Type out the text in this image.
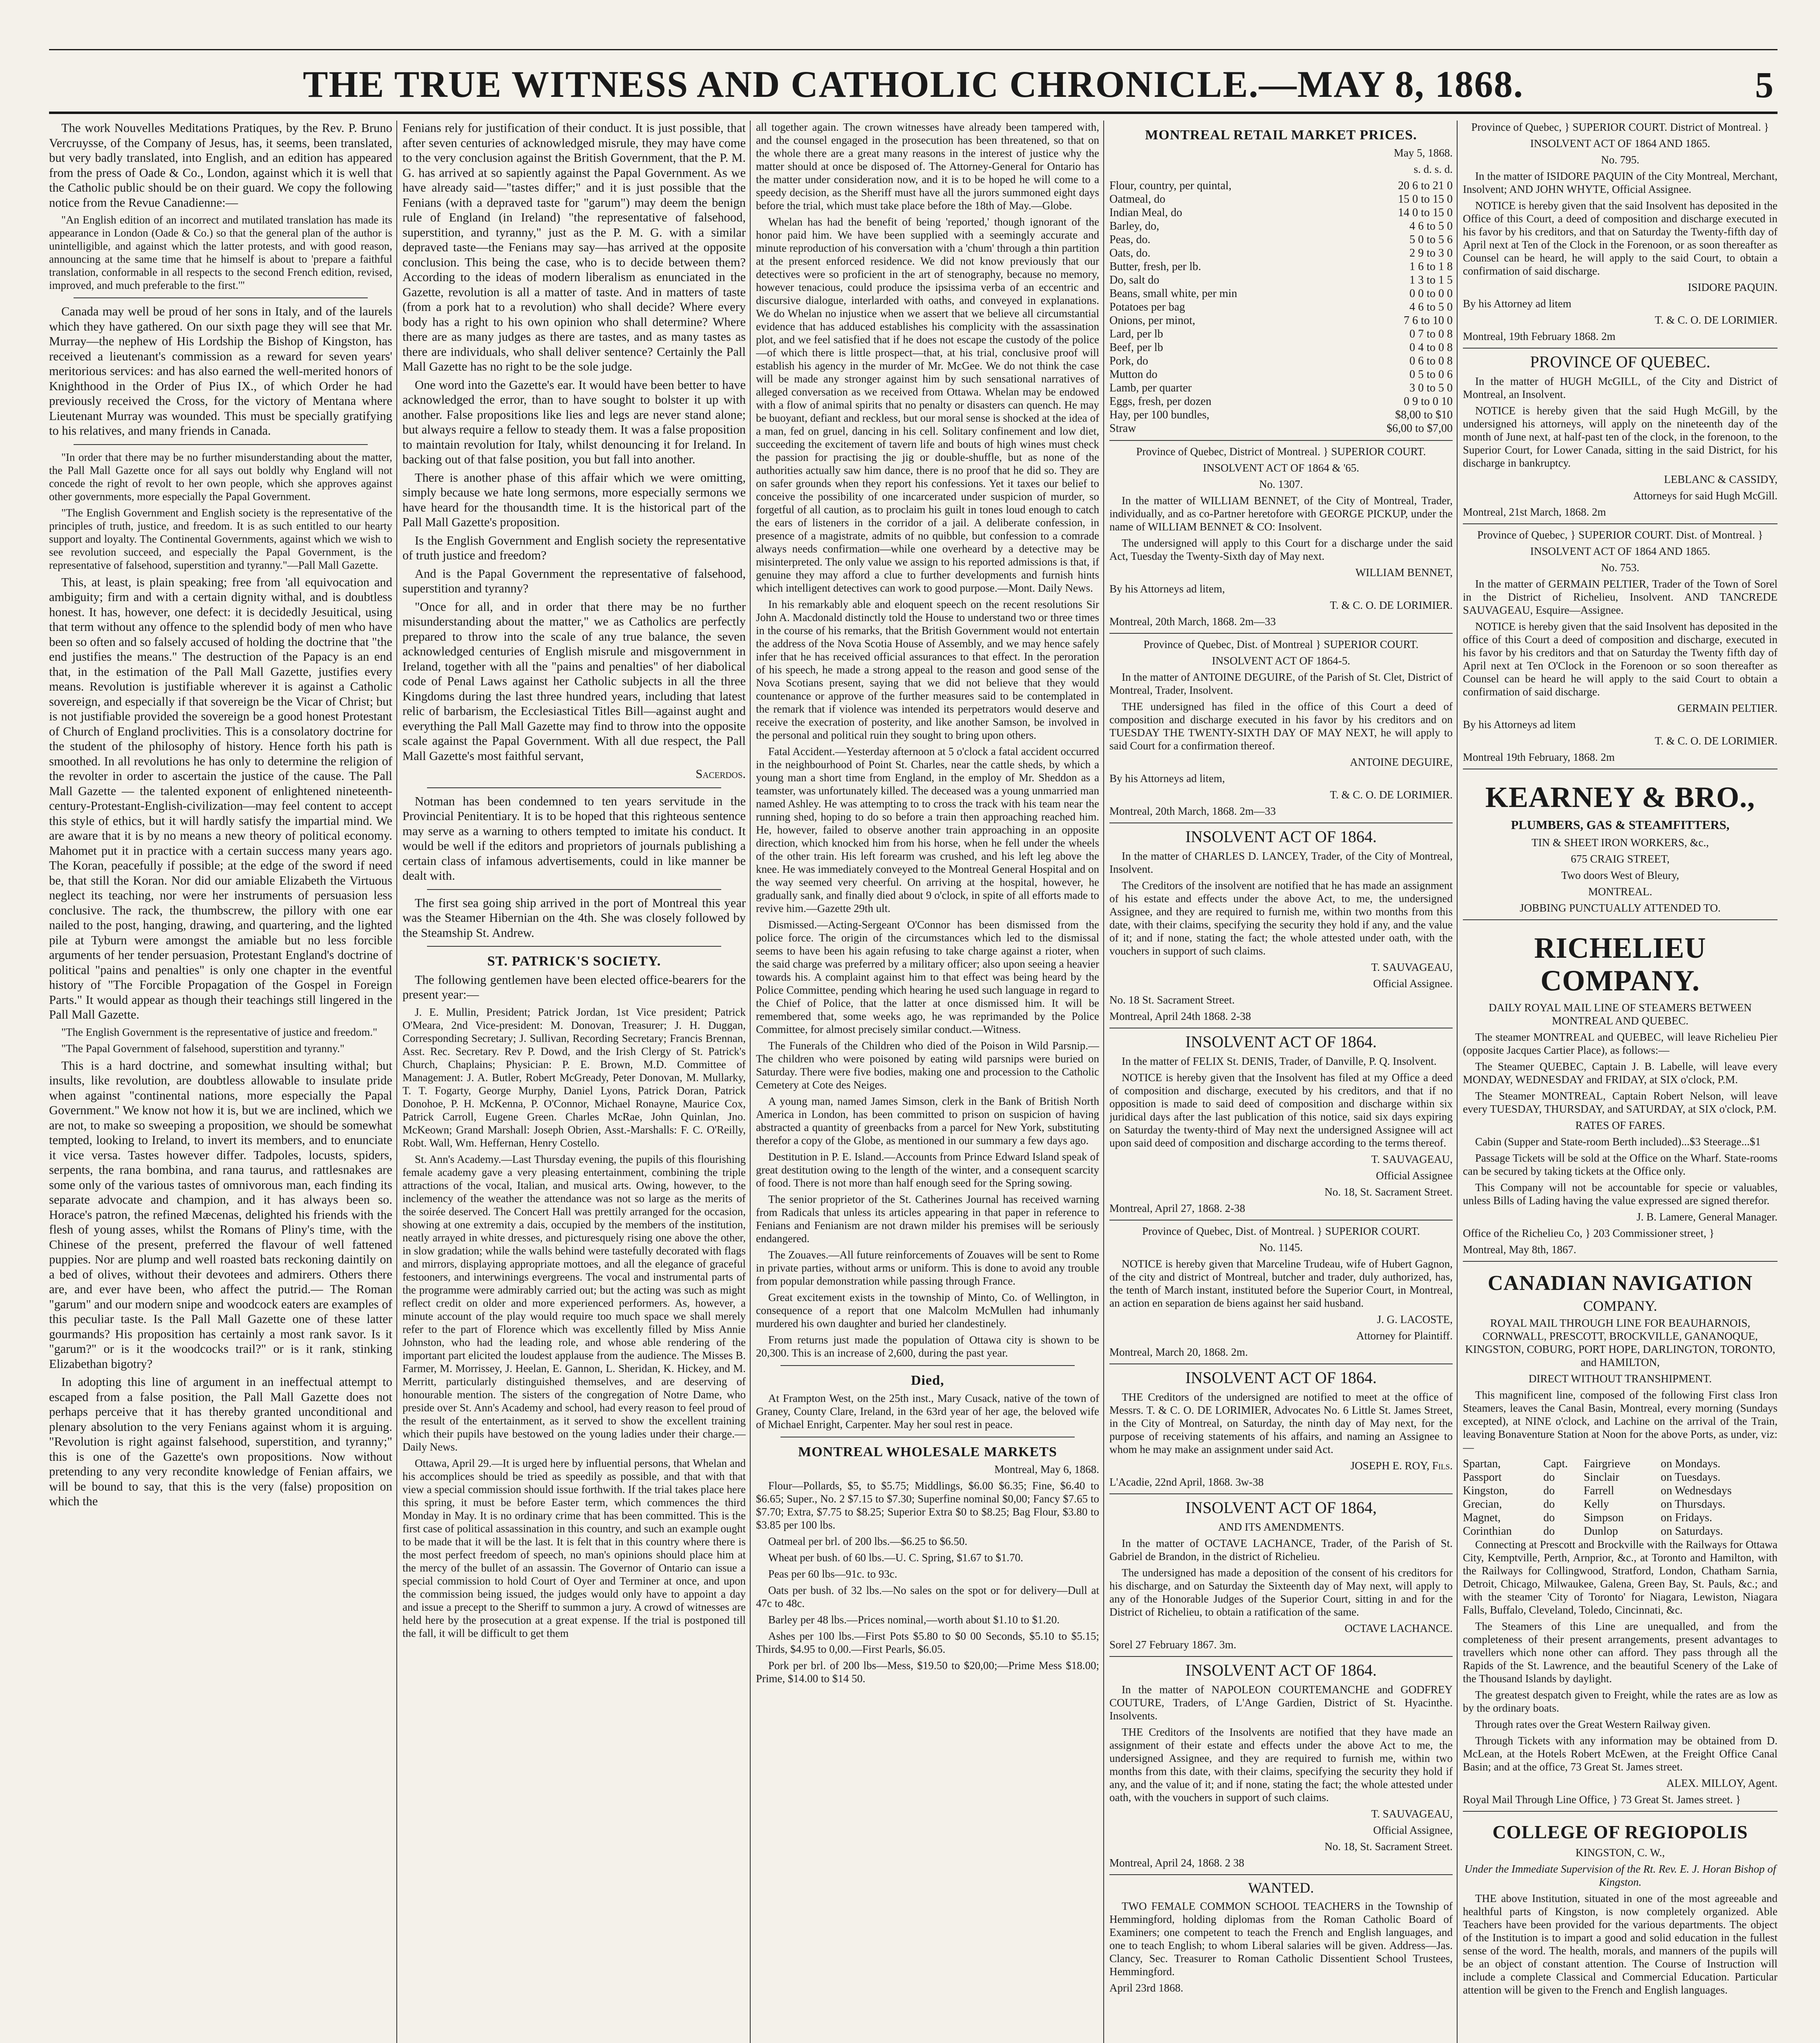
THE TRUE WITNESS AND CATHOLIC CHRONICLE.—MAY 8, 1868.	5

The work Nouvelles Meditations Pratiques, by the Rev. P. Bruno Vercruysse, of the Company of Jesus, has, it seems, been translated, but very badly translated, into English, and an edition has appeared from the press of Oade & Co., London, against which it is well that the Catholic public should be on their guard. We copy the following notice from the Revue Canadienne:—

"An English edition of an incorrect and mutilated translation has made its appearance in London (Oade & Co.) so that the general plan of the author is unintelligible, and against which the latter protests, and with good reason, announcing at the same time that he himself is about to 'prepare a faithful translation, conformable in all respects to the second French edition, revised, improved, and much preferable to the first.'"

Canada may well be proud of her sons in Italy, and of the laurels which they have gathered. On our sixth page they will see that Mr. Murray—the nephew of His Lordship the Bishop of Kingston, has received a lieutenant's commission as a reward for seven years' meritorious services: and has also earned the well-merited honors of Knighthood in the Order of Pius IX., of which Order he had previously received the Cross, for the victory of Mentana where Lieutenant Murray was wounded. This must be specially gratifying to his relatives, and many friends in Canada.

"In order that there may be no further misunderstanding about the matter, the Pall Mall Gazette once for all says out boldly why England will not concede the right of revolt to her own people, which she approves against other governments, more especially the Papal Government.

"The English Government and English society is the representative of the principles of truth, justice, and freedom. It is as such entitled to our hearty support and loyalty. The Continental Governments, against which we wish to see revolution succeed, and especially the Papal Government, is the representative of falsehood, superstition and tyranny."—Pall Mall Gazette.

This, at least, is plain speaking; free from 'all equivocation and ambiguity; firm and with a certain dignity withal, and is doubtless honest. It has, however, one defect: it is decidedly Jesuitical, using that term without any offence to the splendid body of men who have been so often and so falsely accused of holding the doctrine that "the end justifies the means." The destruction of the Papacy is an end that, in the estimation of the Pall Mall Gazette, justifies every means. Revolution is justifiable wherever it is against a Catholic sovereign, and especially if that sovereign be the Vicar of Christ; but is not justifiable provided the sovereign be a good honest Protestant of Church of England proclivities. This is a consolatory doctrine for the student of the philosophy of history. Hence forth his path is smoothed. In all revolutions he has only to determine the religion of the revolter in order to ascertain the justice of the cause. The Pall Mall Gazette — the talented exponent of enlightened nineteenth-century-Protestant-English-civilization—may feel content to accept this style of ethics, but it will hardly satisfy the impartial mind. We are aware that it is by no means a new theory of political economy. Mahomet put it in practice with a certain success many years ago. The Koran, peacefully if possible; at the edge of the sword if need be, that still the Koran. Nor did our amiable Elizabeth the Virtuous neglect its teaching, nor were her instruments of persuasion less conclusive. The rack, the thumbscrew, the pillory with one ear nailed to the post, hanging, drawing, and quartering, and the lighted pile at Tyburn were amongst the amiable but no less forcible arguments of her tender persuasion, Protestant England's doctrine of political "pains and penalties" is only one chapter in the eventful history of "The Forcible Propagation of the Gospel in Foreign Parts." It would appear as though their teachings still lingered in the Pall Mall Gazette.

"The English Government is the representative of justice and freedom."

"The Papal Government of falsehood, superstition and tyranny."

This is a hard doctrine, and somewhat insulting withal; but insults, like revolution, are doubtless allowable to insulate pride when against "continental nations, more especially the Papal Government." We know not how it is, but we are inclined, which we are not, to make so sweeping a proposition, we should be somewhat tempted, looking to Ireland, to invert its members, and to enunciate it vice versa. Tastes however differ. Tadpoles, locusts, spiders, serpents, the rana bombina, and rana taurus, and rattlesnakes are some only of the various tastes of omnivorous man, each finding its separate advocate and champion, and it has always been so. Horace's patron, the refined Mæcenas, delighted his friends with the flesh of young asses, whilst the Romans of Pliny's time, with the Chinese of the present, preferred the flavour of well fattened puppies. Nor are plump and well roasted bats reckoning daintily on a bed of olives, without their devotees and admirers. Others there are, and ever have been, who affect the putrid.— The Roman "garum" and our modern snipe and woodcock eaters are examples of this peculiar taste. Is the Pall Mall Gazette one of these latter gourmands? His proposition has certainly a most rank savor. Is it "garum?" or is it the woodcocks trail?" or is it rank, stinking Elizabethan bigotry?

In adopting this line of argument in an ineffectual attempt to escaped from a false position, the Pall Mall Gazette does not perhaps perceive that it has thereby granted unconditional and plenary absolution to the very Fenians against whom it is arguing. "Revolution is right against falsehood, superstition, and tyranny;" this is one of the Gazette's own propositions. Now without pretending to any very recondite knowledge of Fenian affairs, we will be bound to say, that this is the very (false) proposition on which the

Fenians rely for justification of their conduct. It is just possible, that after seven centuries of acknowledged misrule, they may have come to the very conclusion against the British Government, that the P. M. G. has arrived at so sapiently against the Papal Government. As we have already said—"tastes differ;" and it is just possible that the Fenians (with a depraved taste for "garum") may deem the benign rule of England (in Ireland) "the representative of falsehood, superstition, and tyranny," just as the P. M. G. with a similar depraved taste—the Fenians may say—has arrived at the opposite conclusion. This being the case, who is to decide between them? According to the ideas of modern liberalism as enunciated in the Gazette, revolution is all a matter of taste. And in matters of taste (from a pork hat to a revolution) who shall decide? Where every body has a right to his own opinion who shall determine? Where there are as many judges as there are tastes, and as many tastes as there are individuals, who shall deliver sentence? Certainly the Pall Mall Gazette has no right to be the sole judge.

One word into the Gazette's ear. It would have been better to have acknowledged the error, than to have sought to bolster it up with another. False propositions like lies and legs are never stand alone; but always require a fellow to steady them. It was a false proposition to maintain revolution for Italy, whilst denouncing it for Ireland. In backing out of that false position, you but fall into another.

There is another phase of this affair which we were omitting, simply because we hate long sermons, more especially sermons we have heard for the thousandth time. It is the historical part of the Pall Mall Gazette's proposition.

Is the English Government and English society the representative of truth justice and freedom?

And is the Papal Government the representative of falsehood, superstition and tyranny?

"Once for all, and in order that there may be no further misunderstanding about the matter," we as Catholics are perfectly prepared to throw into the scale of any true balance, the seven acknowledged centuries of English misrule and misgovernment in Ireland, together with all the "pains and penalties" of her diabolical code of Penal Laws against her Catholic subjects in all the three Kingdoms during the last three hundred years, including that latest relic of barbarism, the Ecclesiastical Titles Bill—against aught and everything the Pall Mall Gazette may find to throw into the opposite scale against the Papal Government. With all due respect, the Pall Mall Gazette's most faithful servant,

Sacerdos.

Notman has been condemned to ten years servitude in the Provincial Penitentiary. It is to be hoped that this righteous sentence may serve as a warning to others tempted to imitate his conduct. It would be well if the editors and proprietors of journals publishing a certain class of infamous advertisements, could in like manner be dealt with.

The first sea going ship arrived in the port of Montreal this year was the Steamer Hibernian on the 4th. She was closely followed by the Steamship St. Andrew.

ST. PATRICK'S SOCIETY.

The following gentlemen have been elected office-bearers for the present year:—

J. E. Mullin, President; Patrick Jordan, 1st Vice president; Patrick O'Meara, 2nd Vice-president: M. Donovan, Treasurer; J. H. Duggan, Corresponding Secretary; J. Sullivan, Recording Secretary; Francis Brennan, Asst. Rec. Secretary. Rev P. Dowd, and the Irish Clergy of St. Patrick's Church, Chaplains; Physician: P. E. Brown, M.D. Committee of Management: J. A. Butler, Robert McGready, Peter Donovan, M. Mullarky, T. T. Fogarty, George Murphy, Daniel Lyons, Patrick Doran, Patrick Donohoe, P. H. McKenna, P. O'Connor, Michael Ronayne, Maurice Cox, Patrick Carroll, Eugene Green. Charles McRae, John Quinlan, Jno. McKeown; Grand Marshall: Joseph Obrien, Asst.-Marshalls: F. C. O'Reilly, Robt. Wall, Wm. Heffernan, Henry Costello.

St. Ann's Academy.—Last Thursday evening, the pupils of this flourishing female academy gave a very pleasing entertainment, combining the triple attractions of the vocal, Italian, and musical arts. Owing, however, to the inclemency of the weather the attendance was not so large as the merits of the soirée deserved. The Concert Hall was prettily arranged for the occasion, showing at one extremity a dais, occupied by the members of the institution, neatly arrayed in white dresses, and picturesquely rising one above the other, in slow gradation; while the walls behind were tastefully decorated with flags and mirrors, displaying appropriate mottoes, and all the elegance of graceful festooners, and interwinings evergreens. The vocal and instrumental parts of the programme were admirably carried out; but the acting was such as might reflect credit on older and more experienced performers. As, however, a minute account of the play would require too much space we shall merely refer to the part of Florence which was excellently filled by Miss Annie Johnston, who had the leading role, and whose able rendering of the important part elicited the loudest applause from the audience. The Misses B. Farmer, M. Morrissey, J. Heelan, E. Gannon, L. Sheridan, K. Hickey, and M. Merritt, particularly distinguished themselves, and are deserving of honourable mention. The sisters of the congregation of Notre Dame, who preside over St. Ann's Academy and school, had every reason to feel proud of the result of the entertainment, as it served to show the excellent training which their pupils have bestowed on the young ladies under their charge.—Daily News.

Ottawa, April 29.—It is urged here by influential persons, that Whelan and his accomplices should be tried as speedily as possible, and that with that view a special commission should issue forthwith. If the trial takes place here this spring, it must be before Easter term, which commences the third Monday in May. It is no ordinary crime that has been committed. This is the first case of political assassination in this country, and such an example ought to be made that it will be the last. It is felt that in this country where there is the most perfect freedom of speech, no man's opinions should place him at the mercy of the bullet of an assassin. The Governor of Ontario can issue a special commission to hold Court of Oyer and Terminer at once, and upon the commission being issued, the judges would only have to appoint a day and issue a precept to the Sheriff to summon a jury. A crowd of witnesses are held here by the prosecution at a great expense. If the trial is postponed till the fall, it will be difficult to get them

all together again. The crown witnesses have already been tampered with, and the counsel engaged in the prosecution has been threatened, so that on the whole there are a great many reasons in the interest of justice why the matter should at once be disposed of. The Attorney-General for Ontario has the matter under consideration now, and it is to be hoped he will come to a speedy decision, as the Sheriff must have all the jurors summoned eight days before the trial, which must take place before the 18th of May.—Globe.

Whelan has had the benefit of being 'reported,' though ignorant of the honor paid him. We have been supplied with a seemingly accurate and minute reproduction of his conversation with a 'chum' through a thin partition at the present enforced residence. We did not know previously that our detectives were so proficient in the art of stenography, because no memory, however tenacious, could produce the ipsissima verba of an eccentric and discursive dialogue, interlarded with oaths, and conveyed in explanations. We do Whelan no injustice when we assert that we believe all circumstantial evidence that has adduced establishes his complicity with the assassination plot, and we feel satisfied that if he does not escape the custody of the police—of which there is little prospect—that, at his trial, conclusive proof will establish his agency in the murder of Mr. McGee. We do not think the case will be made any stronger against him by such sensational narratives of alleged conversation as we received from Ottawa. Whelan may be endowed with a flow of animal spirits that no penalty or disasters can quench. He may be buoyant, defiant and reckless, but our moral sense is shocked at the idea of a man, fed on gruel, dancing in his cell. Solitary confinement and low diet, succeeding the excitement of tavern life and bouts of high wines must check the passion for practising the jig or double-shuffle, but as none of the authorities actually saw him dance, there is no proof that he did so. They are on safer grounds when they report his confessions. Yet it taxes our belief to conceive the possibility of one incarcerated under suspicion of murder, so forgetful of all caution, as to proclaim his guilt in tones loud enough to catch the ears of listeners in the corridor of a jail. A deliberate confession, in presence of a magistrate, admits of no quibble, but confession to a comrade always needs confirmation—while one overheard by a detective may be misinterpreted. The only value we assign to his reported admissions is that, if genuine they may afford a clue to further developments and furnish hints which intelligent detectives can work to good purpose.—Mont. Daily News.

In his remarkably able and eloquent speech on the recent resolutions Sir John A. Macdonald distinctly told the House to understand two or three times in the course of his remarks, that the British Government would not entertain the address of the Nova Scotia House of Assembly, and we may hence safely infer that he has received official assurances to that effect. In the peroration of his speech, he made a strong appeal to the reason and good sense of the Nova Scotians present, saying that we did not believe that they would countenance or approve of the further measures said to be contemplated in the remark that if violence was intended its perpetrators would deserve and receive the execration of posterity, and like another Samson, be involved in the personal and political ruin they sought to bring upon others.

Fatal Accident.—Yesterday afternoon at 5 o'clock a fatal accident occurred in the neighbourhood of Point St. Charles, near the cattle sheds, by which a young man a short time from England, in the employ of Mr. Sheddon as a teamster, was unfortunately killed. The deceased was a young unmarried man named Ashley. He was attempting to to cross the track with his team near the running shed, hoping to do so before a train then approaching reached him. He, however, failed to observe another train approaching in an opposite direction, which knocked him from his horse, when he fell under the wheels of the other train. His left forearm was crushed, and his left leg above the knee. He was immediately conveyed to the Montreal General Hospital and on the way seemed very cheerful. On arriving at the hospital, however, he gradually sank, and finally died about 9 o'clock, in spite of all efforts made to revive him.—Gazette 29th ult.

Dismissed.—Acting-Sergeant O'Connor has been dismissed from the police force. The origin of the circumstances which led to the dismissal seems to have been his again refusing to take charge against a rioter, when the said charge was preferred by a military officer; also upon seeing a heavier towards his. A complaint against him to that effect was being heard by the Police Committee, pending which hearing he used such language in regard to the Chief of Police, that the latter at once dismissed him. It will be remembered that, some weeks ago, he was reprimanded by the Police Committee, for almost precisely similar conduct.—Witness.

The Funerals of the Children who died of the Poison in Wild Parsnip.—The children who were poisoned by eating wild parsnips were buried on Saturday. There were five bodies, making one and procession to the Catholic Cemetery at Cote des Neiges.

A young man, named James Simson, clerk in the Bank of British North America in London, has been committed to prison on suspicion of having abstracted a quantity of greenbacks from a parcel for New York, substituting therefor a copy of the Globe, as mentioned in our summary a few days ago.

Destitution in P. E. Island.—Accounts from Prince Edward Island speak of great destitution owing to the length of the winter, and a consequent scarcity of food. There is not more than half enough seed for the Spring sowing.

The senior proprietor of the St. Catherines Journal has received warning from Radicals that unless its articles appearing in that paper in reference to Fenians and Fenianism are not drawn milder his premises will be seriously endangered.

The Zouaves.—All future reinforcements of Zouaves will be sent to Rome in private parties, without arms or uniform. This is done to avoid any trouble from popular demonstration while passing through France.

Great excitement exists in the township of Minto, Co. of Wellington, in consequence of a report that one Malcolm McMullen had inhumanly murdered his own daughter and buried her clandestinely.

From returns just made the population of Ottawa city is shown to be 20,300. This is an increase of 2,600, during the past year.

Died,

At Frampton West, on the 25th inst., Mary Cusack, native of the town of Graney, County Clare, Ireland, in the 63rd year of her age, the beloved wife of Michael Enright, Carpenter. May her soul rest in peace.

MONTREAL WHOLESALE MARKETS

Montreal, May 6, 1868.

Flour—Pollards, $5, to $5.75; Middlings, $6.00 $6.35; Fine, $6.40 to $6.65; Super., No. 2 $7.15 to $7.30; Superfine nominal $0,00; Fancy $7.65 to $7.70; Extra, $7.75 to $8.25; Superior Extra $0 to $8.25; Bag Flour, $3.80 to $3.85 per 100 lbs.

Oatmeal per brl. of 200 lbs.—$6.25 to $6.50.

Wheat per bush. of 60 lbs.—U. C. Spring, $1.67 to $1.70.

Peas per 60 lbs—91c. to 93c.

Oats per bush. of 32 lbs.—No sales on the spot or for delivery—Dull at 47c to 48c.

Barley per 48 lbs.—Prices nominal,—worth about $1.10 to $1.20.

Ashes per 100 lbs.—First Pots $5.80 to $0 00 Seconds, $5.10 to $5.15; Thirds, $4.95 to 0,00.—First Pearls, $6.05.

Pork per brl. of 200 lbs—Mess, $19.50 to $20,00;—Prime Mess $18.00; Prime, $14.00 to $14 50.

MONTREAL RETAIL MARKET PRICES.

May 5, 1868.

s. d. s. d.

Flour, country, per quintal,	20 6 to 21 0
Oatmeal, do	15 0 to 15 0
Indian Meal, do	14 0 to 15 0
Barley, do,	4 6 to 5 0
Peas, do.	5 0 to 5 6
Oats, do.	2 9 to 3 0
Butter, fresh, per lb.	1 6 to 1 8
Do, salt do	1 3 to 1 5
Beans, small white, per min	0 0 to 0 0
Potatoes per bag	4 6 to 5 0
Onions, per minot,	7 6 to 10 0
Lard, per lb	0 7 to 0 8
Beef, per lb	0 4 to 0 8
Pork, do	0 6 to 0 8
Mutton do	0 5 to 0 6
Lamb, per quarter	3 0 to 5 0
Eggs, fresh, per dozen	0 9 to 0 10
Hay, per 100 bundles,	$8,00 to $10
Straw	$6,00 to $7,00

Province of Quebec, District of Montreal. } SUPERIOR COURT.

INSOLVENT ACT OF 1864 & '65.

No. 1307.

In the matter of WILLIAM BENNET, of the City of Montreal, Trader, individually, and as co-Partner heretofore with GEORGE PICKUP, under the name of WILLIAM BENNET & CO: Insolvent.

The undersigned will apply to this Court for a discharge under the said Act, Tuesday the Twenty-Sixth day of May next.

WILLIAM BENNET,

By his Attorneys ad litem,

T. & C. O. DE LORIMIER.

Montreal, 20th March, 1868. 2m—33

Province of Quebec, Dist. of Montreal } SUPERIOR COURT.

INSOLVENT ACT OF 1864-5.

In the matter of ANTOINE DEGUIRE, of the Parish of St. Clet, District of Montreal, Trader, Insolvent.

THE undersigned has filed in the office of this Court a deed of composition and discharge executed in his favor by his creditors and on TUESDAY THE TWENTY-SIXTH DAY OF MAY NEXT, he will apply to said Court for a confirmation thereof.

ANTOINE DEGUIRE,

By his Attorneys ad litem,

T. & C. O. DE LORIMIER.

Montreal, 20th March, 1868. 2m—33

INSOLVENT ACT OF 1864.

In the matter of CHARLES D. LANCEY, Trader, of the City of Montreal, Insolvent.

The Creditors of the insolvent are notified that he has made an assignment of his estate and effects under the above Act, to me, the undersigned Assignee, and they are required to furnish me, within two months from this date, with their claims, specifying the security they hold if any, and the value of it; and if none, stating the fact; the whole attested under oath, with the vouchers in support of such claims.

T. SAUVAGEAU,

Official Assignee.

No. 18 St. Sacrament Street.

Montreal, April 24th 1868. 2-38

INSOLVENT ACT OF 1864.

In the matter of FELIX St. DENIS, Trader, of Danville, P. Q. Insolvent.

NOTICE is hereby given that the Insolvent has filed at my Office a deed of composition and discharge, executed by his creditors, and that if no opposition is made to said deed of composition and discharge within six juridical days after the last publication of this notice, said six days expiring on Saturday the twenty-third of May next the undersigned Assignee will act upon said deed of composition and discharge according to the terms thereof.

T. SAUVAGEAU,

Official Assignee

No. 18, St. Sacrament Street.

Montreal, April 27, 1868. 2-38

Province of Quebec, Dist. of Montreal. } SUPERIOR COURT.

No. 1145.

NOTICE is hereby given that Marceline Trudeau, wife of Hubert Gagnon, of the city and district of Montreal, butcher and trader, duly authorized, has, the tenth of March instant, instituted before the Superior Court, in Montreal, an action en separation de biens against her said husband.

J. G. LACOSTE,

Attorney for Plaintiff.

Montreal, March 20, 1868. 2m.

INSOLVENT ACT OF 1864.

THE Creditors of the undersigned are notified to meet at the office of Messrs. T. & C. O. DE LORIMIER, Advocates No. 6 Little St. James Street, in the City of Montreal, on Saturday, the ninth day of May next, for the purpose of receiving statements of his affairs, and naming an Assignee to whom he may make an assignment under said Act.

JOSEPH E. ROY, Fils.

L'Acadie, 22nd April, 1868. 3w-38

INSOLVENT ACT OF 1864,

AND ITS AMENDMENTS.

In the matter of OCTAVE LACHANCE, Trader, of the Parish of St. Gabriel de Brandon, in the district of Richelieu.

The undersigned has made a deposition of the consent of his creditors for his discharge, and on Saturday the Sixteenth day of May next, will apply to any of the Honorable Judges of the Superior Court, sitting in and for the District of Richelieu, to obtain a ratification of the same.

OCTAVE LACHANCE.

Sorel 27 February 1867. 3m.

INSOLVENT ACT OF 1864.

In the matter of NAPOLEON COURTEMANCHE and GODFREY COUTURE, Traders, of L'Ange Gardien, District of St. Hyacinthe. Insolvents.

THE Creditors of the Insolvents are notified that they have made an assignment of their estate and effects under the above Act to me, the undersigned Assignee, and they are required to furnish me, within two months from this date, with their claims, specifying the security they hold if any, and the value of it; and if none, stating the fact; the whole attested under oath, with the vouchers in support of such claims.

T. SAUVAGEAU,

Official Assignee,

No. 18, St. Sacrament Street.

Montreal, April 24, 1868. 2 38

WANTED.

TWO FEMALE COMMON SCHOOL TEACHERS in the Township of Hemmingford, holding diplomas from the Roman Catholic Board of Examiners; one competent to teach the French and English languages, and one to teach English; to whom Liberal salaries will be given. Address—Jas. Clancy, Sec. Treasurer to Roman Catholic Dissentient School Trustees, Hemmingford.

April 23rd 1868.

Province of Quebec, } SUPERIOR COURT. District of Montreal. }

INSOLVENT ACT OF 1864 AND 1865.

No. 795.

In the matter of ISIDORE PAQUIN of the City Montreal, Merchant, Insolvent; AND JOHN WHYTE, Official Assignee.

NOTICE is hereby given that the said Insolvent has deposited in the Office of this Court, a deed of composition and discharge executed in his favor by his creditors, and that on Saturday the Twenty-fifth day of April next at Ten of the Clock in the Forenoon, or as soon thereafter as Counsel can be heard, he will apply to the said Court, to obtain a confirmation of said discharge.

ISIDORE PAQUIN.

By his Attorney ad litem

T. & C. O. DE LORIMIER.

Montreal, 19th February 1868. 2m

PROVINCE OF QUEBEC.

In the matter of HUGH McGILL, of the City and District of Montreal, an Insolvent.

NOTICE is hereby given that the said Hugh McGill, by the undersigned his attorneys, will apply on the nineteenth day of the month of June next, at half-past ten of the clock, in the forenoon, to the Superior Court, for Lower Canada, sitting in the said District, for his discharge in bankruptcy.

LEBLANC & CASSIDY,

Attorneys for said Hugh McGill.

Montreal, 21st March, 1868. 2m

Province of Quebec, } SUPERIOR COURT. Dist. of Montreal. }

INSOLVENT ACT OF 1864 AND 1865.

No. 753.

In the matter of GERMAIN PELTIER, Trader of the Town of Sorel in the District of Richelieu, Insolvent. AND TANCREDE SAUVAGEAU, Esquire—Assignee.

NOTICE is hereby given that the said Insolvent has deposited in the office of this Court a deed of composition and discharge, executed in his favor by his creditors and that on Saturday the Twenty fifth day of April next at Ten O'Clock in the Forenoon or so soon thereafter as Counsel can be heard he will apply to the said Court to obtain a confirmation of said discharge.

GERMAIN PELTIER.

By his Attorneys ad litem

T. & C. O. DE LORIMIER.

Montreal 19th February, 1868. 2m

KEARNEY & BRO.,

PLUMBERS, GAS & STEAMFITTERS,

TIN & SHEET IRON WORKERS, &c.,

675 CRAIG STREET,

Two doors West of Bleury,

MONTREAL.

JOBBING PUNCTUALLY ATTENDED TO.

RICHELIEU COMPANY.

DAILY ROYAL MAIL LINE OF STEAMERS BETWEEN MONTREAL AND QUEBEC.

The steamer MONTREAL and QUEBEC, will leave Richelieu Pier (opposite Jacques Cartier Place), as follows:—

The Steamer QUEBEC, Captain J. B. Labelle, will leave every MONDAY, WEDNESDAY and FRIDAY, at SIX o'clock, P.M.

The Steamer MONTREAL, Captain Robert Nelson, will leave every TUESDAY, THURSDAY, and SATURDAY, at SIX o'clock, P.M.

RATES OF FARES.

Cabin (Supper and State-room Berth included)...$3 Steerage...$1

Passage Tickets will be sold at the Office on the Wharf. State-rooms can be secured by taking tickets at the Office only.

This Company will not be accountable for specie or valuables, unless Bills of Lading having the value expressed are signed therefor.

J. B. Lamere, General Manager.

Office of the Richelieu Co, } 203 Commissioner street, }

Montreal, May 8th, 1867.

CANADIAN NAVIGATION

COMPANY.

ROYAL MAIL THROUGH LINE FOR BEAUHARNOIS, CORNWALL, PRESCOTT, BROCKVILLE, GANANOQUE, KINGSTON, COBURG, PORT HOPE, DARLINGTON, TORONTO, and HAMILTON,

DIRECT WITHOUT TRANSHIPMENT.

This magnificent line, composed of the following First class Iron Steamers, leaves the Canal Basin, Montreal, every morning (Sundays excepted), at NINE o'clock, and Lachine on the arrival of the Train, leaving Bonaventure Station at Noon for the above Ports, as under, viz:—

Spartan,	Capt.	Fairgrieve	on Mondays.
Passport	do	Sinclair	on Tuesdays.
Kingston,	do	Farrell	on Wednesdays
Grecian,	do	Kelly	on Thursdays.
Magnet,	do	Simpson	on Fridays.
Corinthian	do	Dunlop	on Saturdays.

Connecting at Prescott and Brockville with the Railways for Ottawa City, Kemptville, Perth, Arnprior, &c., at Toronto and Hamilton, with the Railways for Collingwood, Stratford, London, Chatham Sarnia, Detroit, Chicago, Milwaukee, Galena, Green Bay, St. Pauls, &c.; and with the steamer 'City of Toronto' for Niagara, Lewiston, Niagara Falls, Buffalo, Cleveland, Toledo, Cincinnati, &c.

The Steamers of this Line are unequalled, and from the completeness of their present arrangements, present advantages to travellers which none other can afford. They pass through all the Rapids of the St. Lawrence, and the beautiful Scenery of the Lake of the Thousand Islands by daylight.

The greatest despatch given to Freight, while the rates are as low as by the ordinary boats.

Through rates over the Great Western Railway given.

Through Tickets with any information may be obtained from D. McLean, at the Hotels Robert McEwen, at the Freight Office Canal Basin; and at the office, 73 Great St. James street.

ALEX. MILLOY, Agent.

Royal Mail Through Line Office, } 73 Great St. James street. }

COLLEGE OF REGIOPOLIS

KINGSTON, C. W.,

Under the Immediate Supervision of the Rt. Rev. E. J. Horan Bishop of Kingston.

THE above Institution, situated in one of the most agreeable and healthful parts of Kingston, is now completely organized. Able Teachers have been provided for the various departments. The object of the Institution is to impart a good and solid education in the fullest sense of the word. The health, morals, and manners of the pupils will be an object of constant attention. The Course of Instruction will include a complete Classical and Commercial Education. Particular attention will be given to the French and English languages.
